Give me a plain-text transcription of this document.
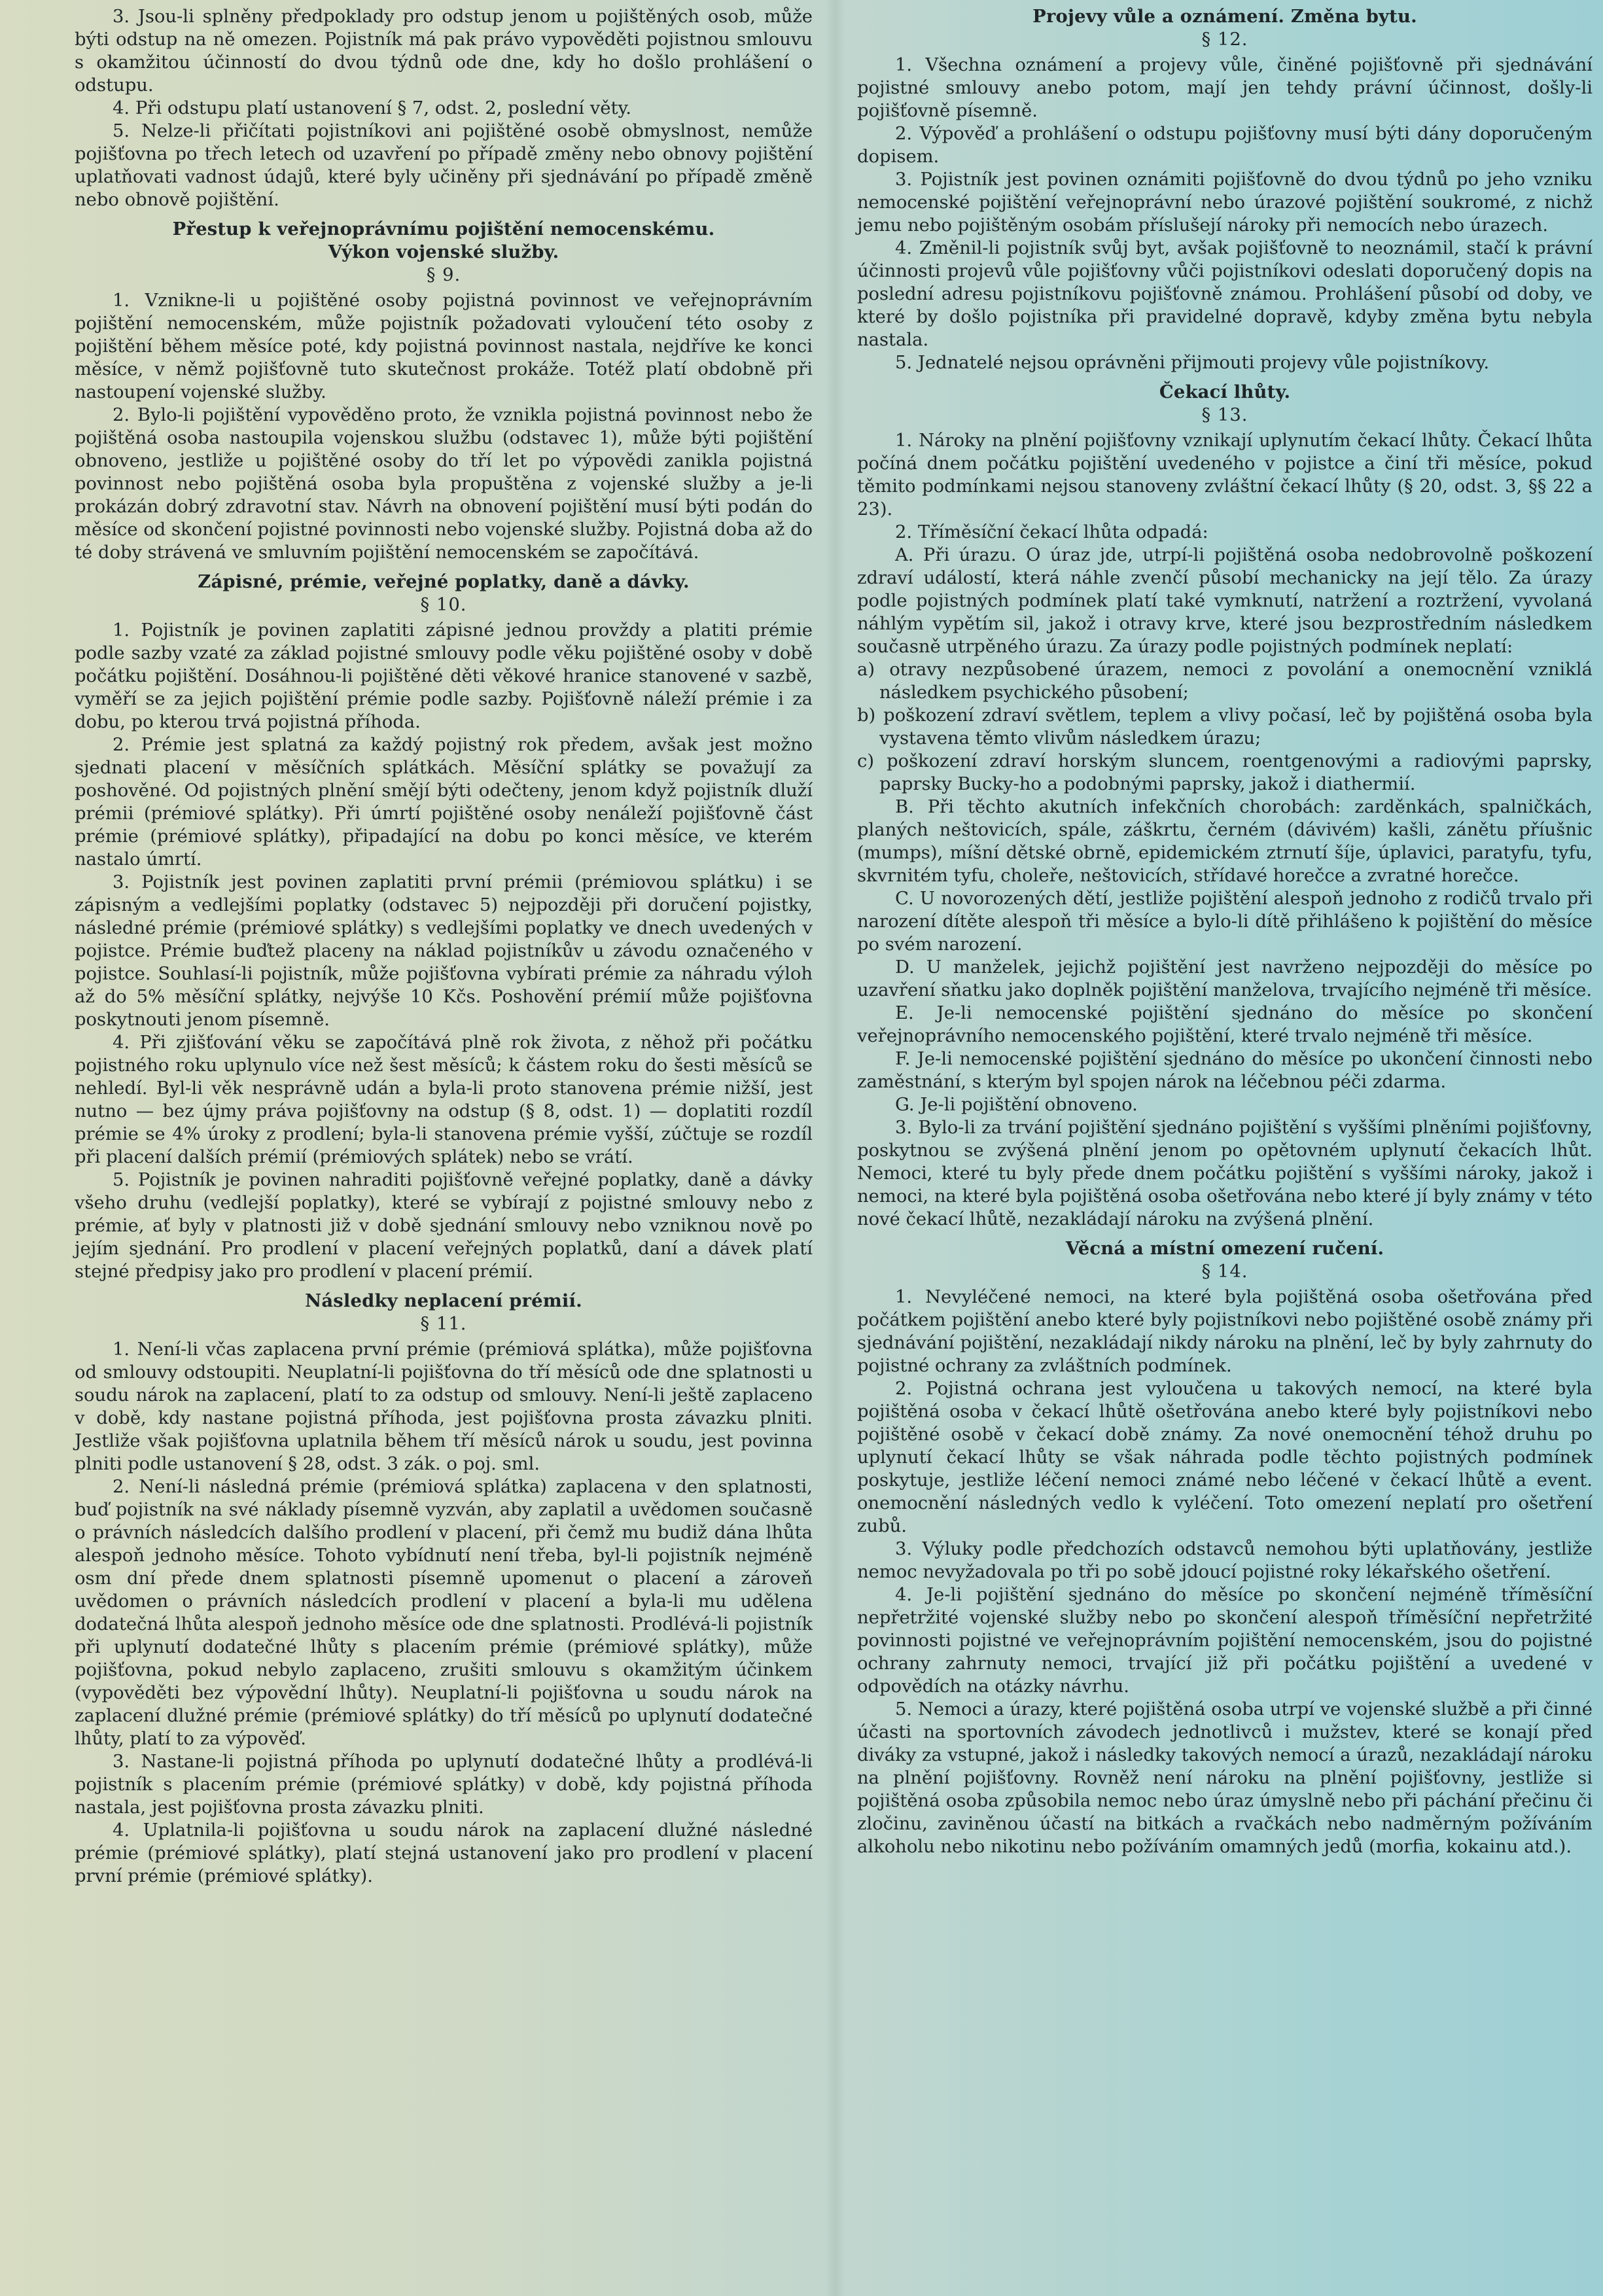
3. Jsou-li splněny předpoklady pro odstup jenom u pojištěných osob, může býti odstup na ně omezen. Pojistník má pak právo vypověděti pojistnou smlouvu s okamžitou účinností do dvou týdnů ode dne, kdy ho došlo prohlášení o odstupu.

4. Při odstupu platí ustanovení § 7, odst. 2, poslední věty.

5. Nelze-li přičítati pojistníkovi ani pojištěné osobě obmyslnost, nemůže pojišťovna po třech letech od uzavření po případě změny nebo obnovy pojištění uplatňovati vadnost údajů, které byly učiněny při sjednávání po případě změně nebo obnově pojištění.

Přestup k veřejnoprávnímu pojištění nemocenskému.
Výkon vojenské služby.
§ 9.

1. Vznikne-li u pojištěné osoby pojistná povinnost ve veřejnoprávním pojištění nemocenském, může pojistník požadovati vyloučení této osoby z pojištění během měsíce poté, kdy pojistná povinnost nastala, nejdříve ke konci měsíce, v němž pojišťovně tuto skutečnost prokáže. Totéž platí obdobně při nastoupení vojenské služby.

2. Bylo-li pojištění vypověděno proto, že vznikla pojistná povinnost nebo že pojištěná osoba nastoupila vojenskou službu (odstavec 1), může býti pojištění obnoveno, jestliže u pojištěné osoby do tří let po výpovědi zanikla pojistná povinnost nebo pojištěná osoba byla propuštěna z vojenské služby a je-li prokázán dobrý zdravotní stav. Návrh na obnovení pojištění musí býti podán do měsíce od skončení pojistné povinnosti nebo vojenské služby. Pojistná doba až do té doby strávená ve smluvním pojištění nemocenském se započítává.

Zápisné, prémie, veřejné poplatky, daně a dávky.
§ 10.

1. Pojistník je povinen zaplatiti zápisné jednou provždy a platiti prémie podle sazby vzaté za základ pojistné smlouvy podle věku pojištěné osoby v době počátku pojištění. Dosáhnou-li pojištěné děti věkové hranice stanovené v sazbě, vyměří se za jejich pojištění prémie podle sazby. Pojišťovně náleží prémie i za dobu, po kterou trvá pojistná příhoda.

2. Prémie jest splatná za každý pojistný rok předem, avšak jest možno sjednati placení v měsíčních splátkách. Měsíční splátky se považují za poshověné. Od pojistných plnění smějí býti odečteny, jenom když pojistník dluží prémii (prémiové splátky). Při úmrtí pojištěné osoby nenáleží pojišťovně část prémie (prémiové splátky), připadající na dobu po konci měsíce, ve kterém nastalo úmrtí.

3. Pojistník jest povinen zaplatiti první prémii (prémiovou splátku) i se zápisným a vedlejšími poplatky (odstavec 5) nejpozději při doručení pojistky, následné prémie (prémiové splátky) s vedlejšími poplatky ve dnech uvedených v pojistce. Prémie buďtež placeny na náklad pojistníkův u závodu označeného v pojistce. Souhlasí-li pojistník, může pojišťovna vybírati prémie za náhradu výloh až do 5% měsíční splátky, nejvýše 10 Kčs. Poshovění prémií může pojišťovna poskytnouti jenom písemně.

4. Při zjišťování věku se započítává plně rok života, z něhož při počátku pojistného roku uplynulo více než šest měsíců; k částem roku do šesti měsíců se nehledí. Byl-li věk nesprávně udán a byla-li proto stanovena prémie nižší, jest nutno — bez újmy práva pojišťovny na odstup (§ 8, odst. 1) — doplatiti rozdíl prémie se 4% úroky z prodlení; byla-li stanovena prémie vyšší, zúčtuje se rozdíl při placení dalších prémií (prémiových splátek) nebo se vrátí.

5. Pojistník je povinen nahraditi pojišťovně veřejné poplatky, daně a dávky všeho druhu (vedlejší poplatky), které se vybírají z pojistné smlouvy nebo z prémie, ať byly v platnosti již v době sjednání smlouvy nebo vzniknou nově po jejím sjednání. Pro prodlení v placení veřejných poplatků, daní a dávek platí stejné předpisy jako pro prodlení v placení prémií.

Následky neplacení prémií.
§ 11.

1. Není-li včas zaplacena první prémie (prémiová splátka), může pojišťovna od smlouvy odstoupiti. Neuplatní-li pojišťovna do tří měsíců ode dne splatnosti u soudu nárok na zaplacení, platí to za odstup od smlouvy. Není-li ještě zaplaceno v době, kdy nastane pojistná příhoda, jest pojišťovna prosta závazku plniti. Jestliže však pojišťovna uplatnila během tří měsíců nárok u soudu, jest povinna plniti podle ustanovení § 28, odst. 3 zák. o poj. sml.

2. Není-li následná prémie (prémiová splátka) zaplacena v den splatnosti, buď pojistník na své náklady písemně vyzván, aby zaplatil a uvědomen současně o právních následcích dalšího prodlení v placení, při čemž mu budiž dána lhůta alespoň jednoho měsíce. Tohoto vybídnutí není třeba, byl-li pojistník nejméně osm dní přede dnem splatnosti písemně upomenut o placení a zároveň uvědomen o právních následcích prodlení v placení a byla-li mu udělena dodatečná lhůta alespoň jednoho měsíce ode dne splatnosti. Prodlévá-li pojistník při uplynutí dodatečné lhůty s placením prémie (prémiové splátky), může pojišťovna, pokud nebylo zaplaceno, zrušiti smlouvu s okamžitým účinkem (vypověděti bez výpovědní lhůty). Neuplatní-li pojišťovna u soudu nárok na zaplacení dlužné prémie (prémiové splátky) do tří měsíců po uplynutí dodatečné lhůty, platí to za výpověď.

3. Nastane-li pojistná příhoda po uplynutí dodatečné lhůty a prodlévá-li pojistník s placením prémie (prémiové splátky) v době, kdy pojistná příhoda nastala, jest pojišťovna prosta závazku plniti.

4. Uplatnila-li pojišťovna u soudu nárok na zaplacení dlužné následné prémie (prémiové splátky), platí stejná ustanovení jako pro prodlení v placení první prémie (prémiové splátky).

Projevy vůle a oznámení. Změna bytu.
§ 12.

1. Všechna oznámení a projevy vůle, činěné pojišťovně při sjednávání pojistné smlouvy anebo potom, mají jen tehdy právní účinnost, došly-li pojišťovně písemně.

2. Výpověď a prohlášení o odstupu pojišťovny musí býti dány doporučeným dopisem.

3. Pojistník jest povinen oznámiti pojišťovně do dvou týdnů po jeho vzniku nemocenské pojištění veřejnoprávní nebo úrazové pojištění soukromé, z nichž jemu nebo pojištěným osobám příslušejí nároky při nemocích nebo úrazech.

4. Změnil-li pojistník svůj byt, avšak pojišťovně to neoznámil, stačí k právní účinnosti projevů vůle pojišťovny vůči pojistníkovi odeslati doporučený dopis na poslední adresu pojistníkovu pojišťovně známou. Prohlášení působí od doby, ve které by došlo pojistníka při pravidelné dopravě, kdyby změna bytu nebyla nastala.

5. Jednatelé nejsou oprávněni přijmouti projevy vůle pojistníkovy.

Čekací lhůty.
§ 13.

1. Nároky na plnění pojišťovny vznikají uplynutím čekací lhůty. Čekací lhůta počíná dnem počátku pojištění uvedeného v pojistce a činí tři měsíce, pokud těmito podmínkami nejsou stanoveny zvláštní čekací lhůty (§ 20, odst. 3, §§ 22 a 23).

2. Tříměsíční čekací lhůta odpadá:

A. Při úrazu. O úraz jde, utrpí-li pojištěná osoba nedobrovolně poškození zdraví událostí, která náhle zvenčí působí mechanicky na její tělo. Za úrazy podle pojistných podmínek platí také vymknutí, natržení a roztržení, vyvolaná náhlým vypětím sil, jakož i otravy krve, které jsou bezprostředním následkem současně utrpěného úrazu. Za úrazy podle pojistných podmínek neplatí:

a) otravy nezpůsobené úrazem, nemoci z povolání a onemocnění vzniklá následkem psychického působení;

b) poškození zdraví světlem, teplem a vlivy počasí, leč by pojištěná osoba byla vystavena těmto vlivům následkem úrazu;

c) poškození zdraví horským sluncem, roentgenovými a radiovými paprsky, paprsky Bucky-ho a podobnými paprsky, jakož i diathermií.

B. Při těchto akutních infekčních chorobách: zarděnkách, spalničkách, planých neštovicích, spále, záškrtu, černém (dávivém) kašli, zánětu příušnic (mumps), míšní dětské obrně, epidemickém ztrnutí šíje, úplavici, paratyfu, tyfu, skvrnitém tyfu, choleře, neštovicích, střídavé horečce a zvratné horečce.

C. U novorozených dětí, jestliže pojištění alespoň jednoho z rodičů trvalo při narození dítěte alespoň tři měsíce a bylo-li dítě přihlášeno k pojištění do měsíce po svém narození.

D. U manželek, jejichž pojištění jest navrženo nejpozději do měsíce po uzavření sňatku jako doplněk pojištění manželova, trvajícího nejméně tři měsíce.

E. Je-li nemocenské pojištění sjednáno do měsíce po skončení veřejnoprávního nemocenského pojištění, které trvalo nejméně tři měsíce.

F. Je-li nemocenské pojištění sjednáno do měsíce po ukončení činnosti nebo zaměstnání, s kterým byl spojen nárok na léčebnou péči zdarma.

G. Je-li pojištění obnoveno.

3. Bylo-li za trvání pojištění sjednáno pojištění s vyššími plněními pojišťovny, poskytnou se zvýšená plnění jenom po opětovném uplynutí čekacích lhůt. Nemoci, které tu byly přede dnem počátku pojištění s vyššími nároky, jakož i nemoci, na které byla pojištěná osoba ošetřována nebo které jí byly známy v této nové čekací lhůtě, nezakládají nároku na zvýšená plnění.

Věcná a místní omezení ručení.
§ 14.

1. Nevyléčené nemoci, na které byla pojištěná osoba ošetřována před počátkem pojištění anebo které byly pojistníkovi nebo pojištěné osobě známy při sjednávání pojištění, nezakládají nikdy nároku na plnění, leč by byly zahrnuty do pojistné ochrany za zvláštních podmínek.

2. Pojistná ochrana jest vyloučena u takových nemocí, na které byla pojištěná osoba v čekací lhůtě ošetřována anebo které byly pojistníkovi nebo pojištěné osobě v čekací době známy. Za nové onemocnění téhož druhu po uplynutí čekací lhůty se však náhrada podle těchto pojistných podmínek poskytuje, jestliže léčení nemoci známé nebo léčené v čekací lhůtě a event. onemocnění následných vedlo k vyléčení. Toto omezení neplatí pro ošetření zubů.

3. Výluky podle předchozích odstavců nemohou býti uplatňovány, jestliže nemoc nevyžadovala po tři po sobě jdoucí pojistné roky lékařského ošetření.

4. Je-li pojištění sjednáno do měsíce po skončení nejméně tříměsíční nepřetržité vojenské služby nebo po skončení alespoň tříměsíční nepřetržité povinnosti pojistné ve veřejnoprávním pojištění nemocenském, jsou do pojistné ochrany zahrnuty nemoci, trvající již při počátku pojištění a uvedené v odpovědích na otázky návrhu.

5. Nemoci a úrazy, které pojištěná osoba utrpí ve vojenské službě a při činné účasti na sportovních závodech jednotlivců i mužstev, které se konají před diváky za vstupné, jakož i následky takových nemocí a úrazů, nezakládají nároku na plnění pojišťovny. Rovněž není nároku na plnění pojišťovny, jestliže si pojištěná osoba způsobila nemoc nebo úraz úmyslně nebo při páchání přečinu či zločinu, zaviněnou účastí na bitkách a rvačkách nebo nadměrným požíváním alkoholu nebo nikotinu nebo požíváním omamných jedů (morfia, kokainu atd.).
